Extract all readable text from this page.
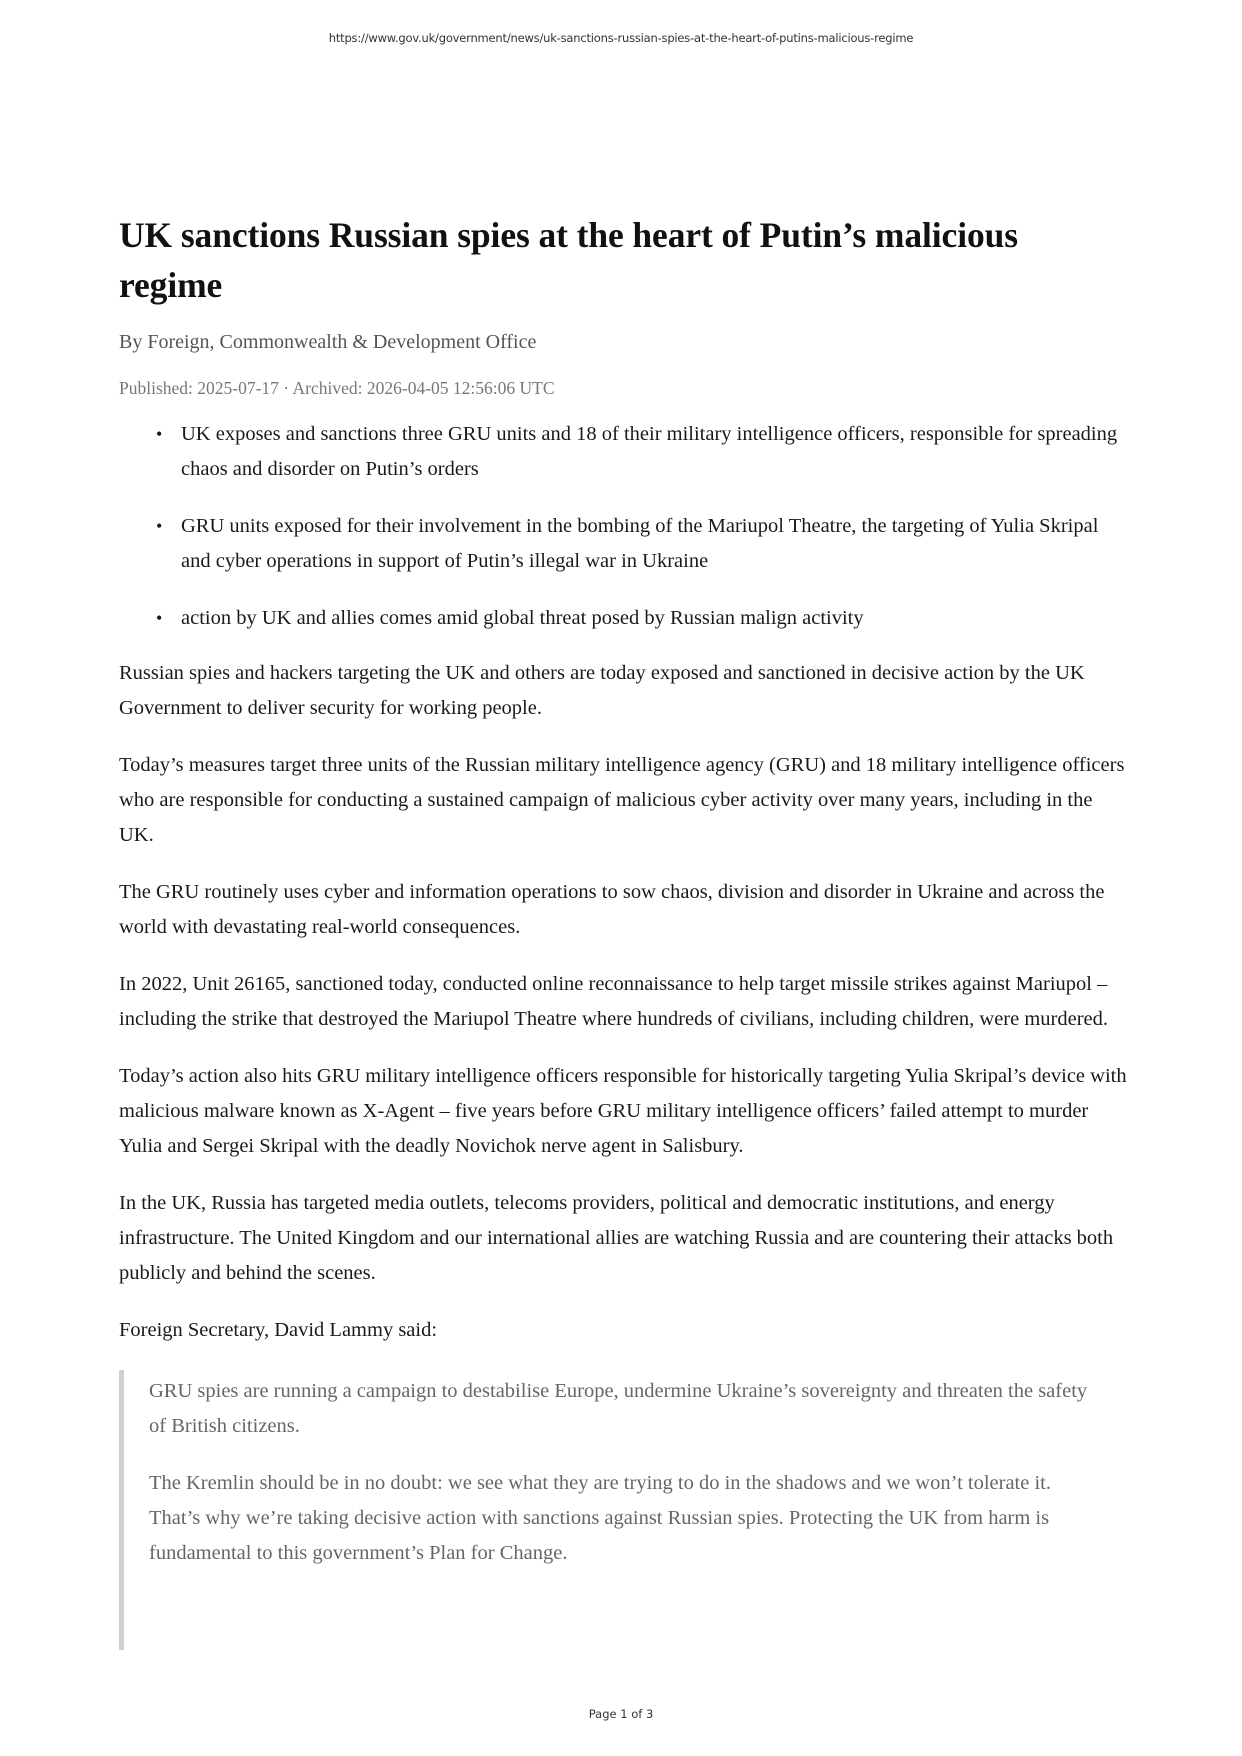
https://www.gov.uk/government/news/uk-sanctions-russian-spies-at-the-heart-of-putins-malicious-regime
UK sanctions Russian spies at the heart of Putin’s malicious regime
By Foreign, Commonwealth & Development Office
Published: 2025-07-17 · Archived: 2026-04-05 12:56:06 UTC
• UK exposes and sanctions three GRU units and 18 of their military intelligence officers, responsible for spreading chaos and disorder on Putin’s orders
• GRU units exposed for their involvement in the bombing of the Mariupol Theatre, the targeting of Yulia Skripal and cyber operations in support of Putin’s illegal war in Ukraine
• action by UK and allies comes amid global threat posed by Russian malign activity

Russian spies and hackers targeting the UK and others are today exposed and sanctioned in decisive action by the UK Government to deliver security for working people.

Today’s measures target three units of the Russian military intelligence agency (GRU) and 18 military intelligence officers who are responsible for conducting a sustained campaign of malicious cyber activity over many years, including in the UK.

The GRU routinely uses cyber and information operations to sow chaos, division and disorder in Ukraine and across the world with devastating real-world consequences.

In 2022, Unit 26165, sanctioned today, conducted online reconnaissance to help target missile strikes against Mariupol – including the strike that destroyed the Mariupol Theatre where hundreds of civilians, including children, were murdered.

Today’s action also hits GRU military intelligence officers responsible for historically targeting Yulia Skripal’s device with malicious malware known as X-Agent – five years before GRU military intelligence officers’ failed attempt to murder Yulia and Sergei Skripal with the deadly Novichok nerve agent in Salisbury.

In the UK, Russia has targeted media outlets, telecoms providers, political and democratic institutions, and energy infrastructure. The United Kingdom and our international allies are watching Russia and are countering their attacks both publicly and behind the scenes.

Foreign Secretary, David Lammy said:

GRU spies are running a campaign to destabilise Europe, undermine Ukraine’s sovereignty and threaten the safety of British citizens.

The Kremlin should be in no doubt: we see what they are trying to do in the shadows and we won’t tolerate it. That’s why we’re taking decisive action with sanctions against Russian spies. Protecting the UK from harm is fundamental to this government’s Plan for Change.

Page 1 of 3
